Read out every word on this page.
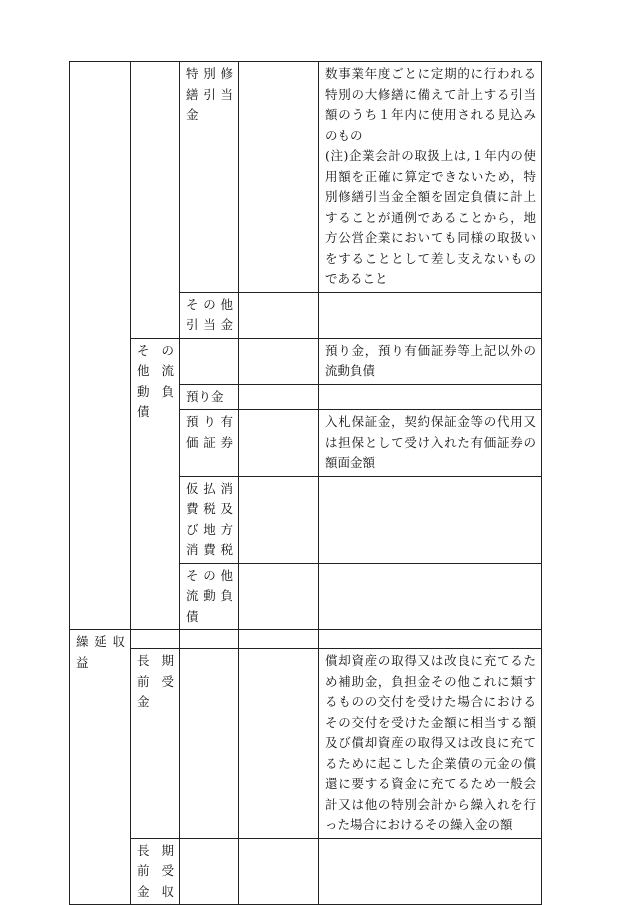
		特別修繕引当金		数事業年度ごとに定期的に行われる特別の大修繕に備えて計上する引当額のうち１年内に使用される見込みのもの
(注)企業会計の取扱上は,１年内の使用額を正確に算定できないため，特別修繕引当金全額を固定負債に計上することが通例であることから，地方公営企業においても同様の取扱いをすることとして差し支えないものであること

		その他引当金		
	その他流動負債			預り金，預り有価証券等上記以外の流動負債
		預り金		
		預り有価証券		入札保証金，契約保証金等の代用又は担保として受け入れた有価証券の額面金額
		仮払消費税及び地方消費税		
		その他流動負債		
繰延収益				
	長期前受金			償却資産の取得又は改良に充てるため補助金，負担金その他これに類するものの交付を受けた場合におけるその交付を受けた金額に相当する額及び償却資産の取得又は改良に充てるために起こした企業債の元金の償還に要する資金に充てるため一般会計又は他の特別会計から繰入れを行った場合におけるその繰入金の額
	長期前受金収			
